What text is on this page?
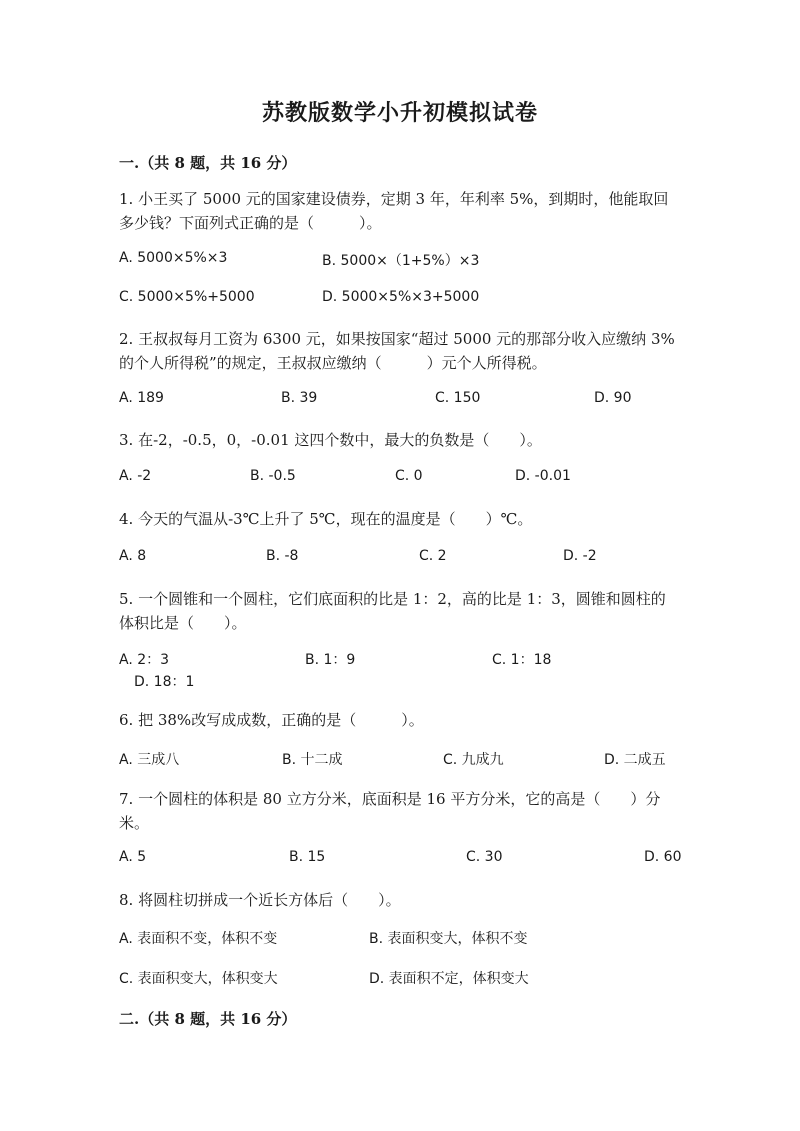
苏教版数学小升初模拟试卷
一.（共 8 题，共 16 分）
1. 小王买了 5000 元的国家建设债券，定期 3 年，年利率 5%，到期时，他能取回多少钱？下面列式正确的是（　　　）。
A. 5000×5%×3	B. 5000×（1+5%）×3
C. 5000×5%+5000	D. 5000×5%×3+5000
2. 王叔叔每月工资为 6300 元，如果按国家“超过 5000 元的那部分收入应缴纳 3%的个人所得税”的规定，王叔叔应缴纳（　　　）元个人所得税。
A. 189	B. 39	C. 150	D. 90
3. 在-2，-0.5，0，-0.01 这四个数中，最大的负数是（　　）。
A. -2	B. -0.5	C. 0	D. -0.01
4. 今天的气温从-3℃上升了 5℃，现在的温度是（　　）℃。
A. 8	B. -8	C. 2	D. -2
5. 一个圆锥和一个圆柱，它们底面积的比是 1：2，高的比是 1：3，圆锥和圆柱的体积比是（　　）。
A. 2：3	B. 1：9	C. 1：18
D. 18：1
6. 把 38%改写成成数，正确的是（　　　）。
A. 三成八	B. 十二成	C. 九成九	D. 二成五
7. 一个圆柱的体积是 80 立方分米，底面积是 16 平方分米，它的高是（　　）分米。
A. 5	B. 15	C. 30	D. 60
8. 将圆柱切拼成一个近长方体后（　　）。
A. 表面积不变，体积不变	B. 表面积变大，体积不变
C. 表面积变大，体积变大	D. 表面积不定，体积变大
二.（共 8 题，共 16 分）
